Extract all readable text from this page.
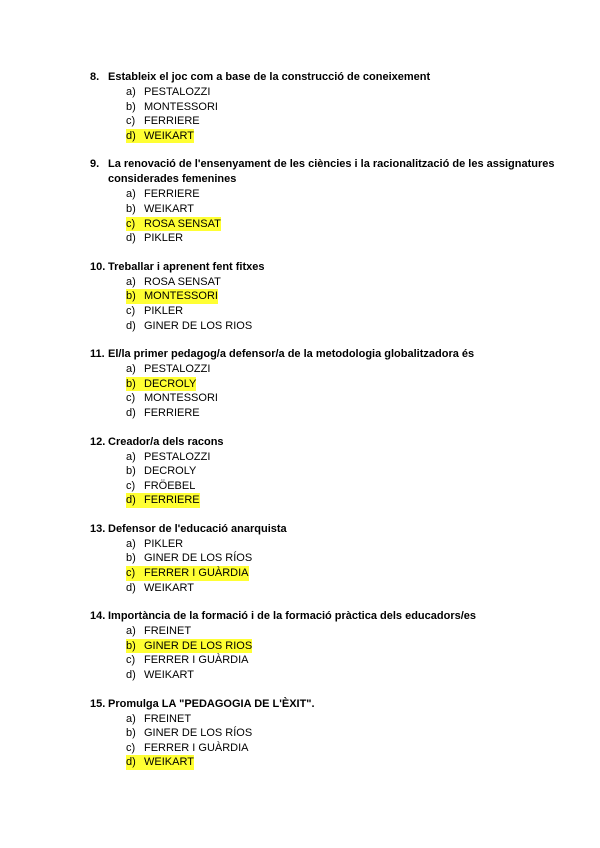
8. Estableix el joc com a base de la construcció de coneixement
a) PESTALOZZI
b) MONTESSORI
c) FERRIERE
d) WEIKART
9. La renovació de l'ensenyament de les ciències i la racionalització de les assignatures considerades femenines
a) FERRIERE
b) WEIKART
c) ROSA SENSAT
d) PIKLER
10. Treballar i aprenent fent fitxes
a) ROSA SENSAT
b) MONTESSORI
c) PIKLER
d) GINER DE LOS RIOS
11. El/la primer pedagog/a defensor/a de la metodologia globalitzadora és
a) PESTALOZZI
b) DECROLY
c) MONTESSORI
d) FERRIERE
12. Creador/a dels racons
a) PESTALOZZI
b) DECROLY
c) FRÖEBEL
d) FERRIERE
13. Defensor de l'educació anarquista
a) PIKLER
b) GINER DE LOS RÍOS
c) FERRER I GUÀRDIA
d) WEIKART
14. Importància de la formació i de la formació pràctica dels educadors/es
a) FREINET
b) GINER DE LOS RIOS
c) FERRER I GUÀRDIA
d) WEIKART
15. Promulga LA "PEDAGOGIA DE L'ÈXIT".
a) FREINET
b) GINER DE LOS RÍOS
c) FERRER I GUÀRDIA
d) WEIKART
